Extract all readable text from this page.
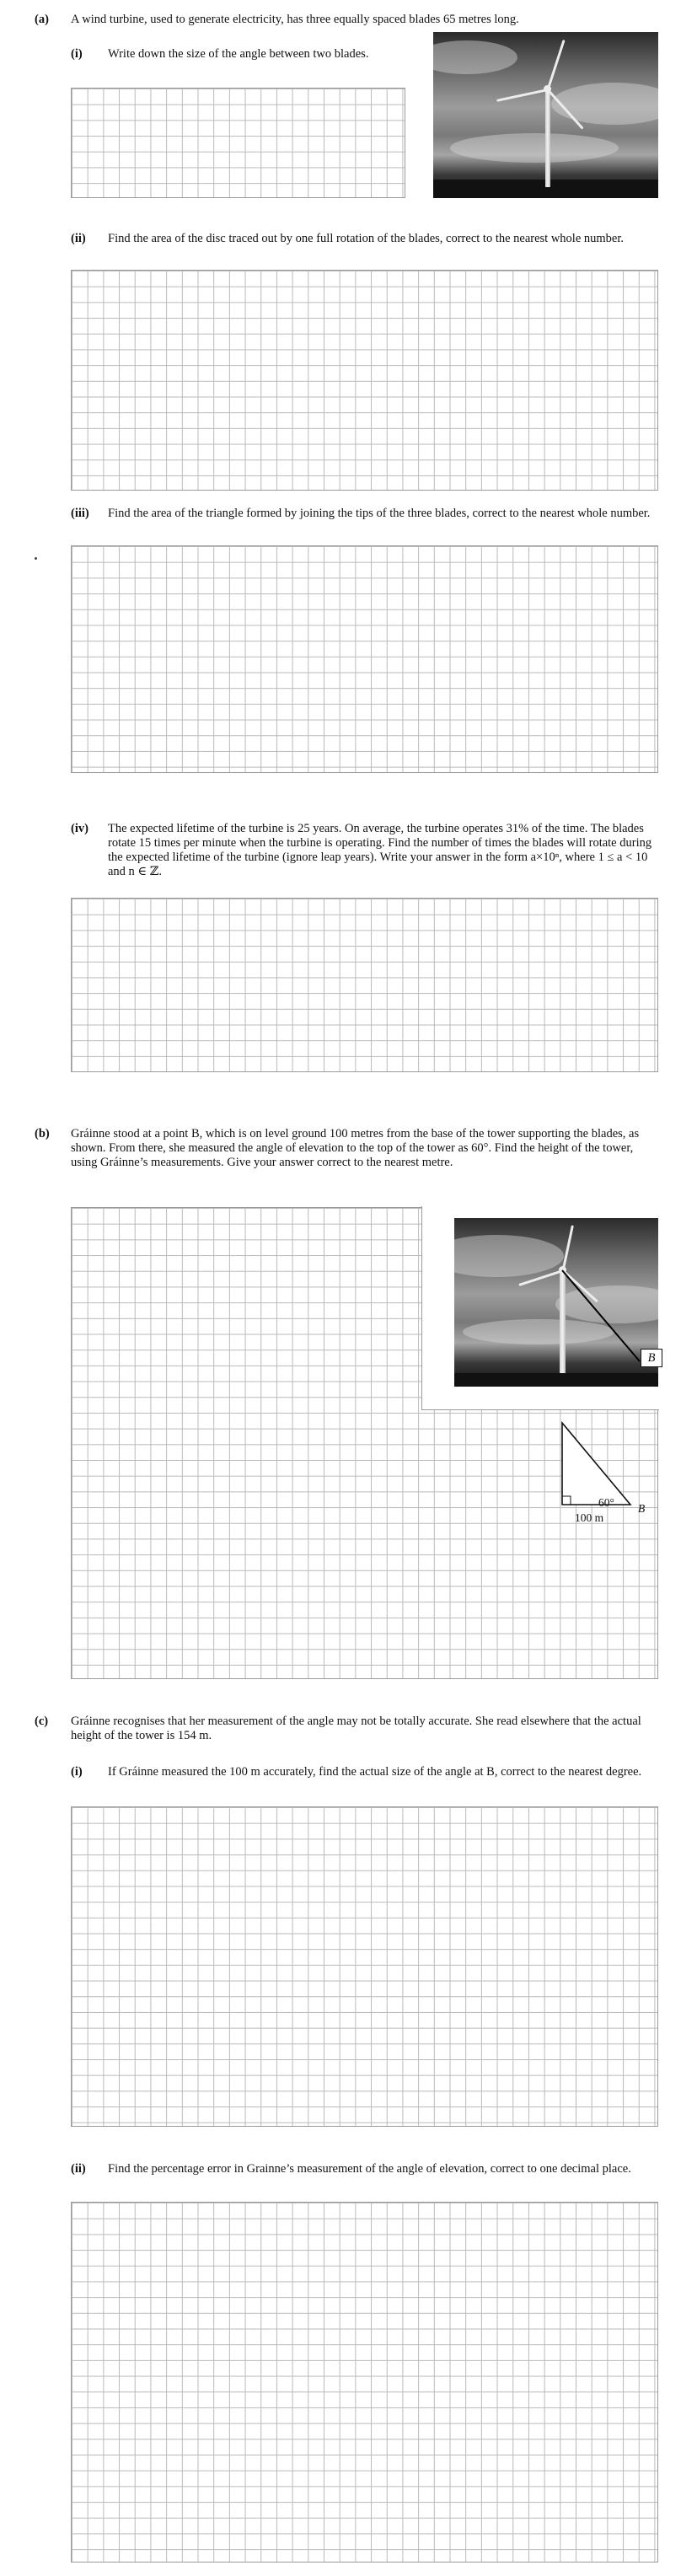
(a) A wind turbine, used to generate electricity, has three equally spaced blades 65 metres long.
(i) Write down the size of the angle between two blades.
(ii) Find the area of the disc traced out by one full rotation of the blades, correct to the nearest whole number.
(iii) Find the area of the triangle formed by joining the tips of the three blades, correct to the nearest whole number.
(iv) The expected lifetime of the turbine is 25 years. On average, the turbine operates 31% of the time. The blades rotate 15 times per minute when the turbine is operating. Find the number of times the blades will rotate during the expected lifetime of the turbine (ignore leap years). Write your answer in the form a×10ⁿ, where 1 ≤ a < 10 and n ∈ ℤ.
(b) Gráinne stood at a point B, which is on level ground 100 metres from the base of the tower supporting the blades, as shown. From there, she measured the angle of elevation to the top of the tower as 60°. Find the height of the tower, using Gráinne’s measurements. Give your answer correct to the nearest metre.
B
60°
100 m
B
(c) Gráinne recognises that her measurement of the angle may not be totally accurate. She read elsewhere that the actual height of the tower is 154 m.
(i) If Gráinne measured the 100 m accurately, find the actual size of the angle at B, correct to the nearest degree.
(ii) Find the percentage error in Grainne’s measurement of the angle of elevation, correct to one decimal place.
